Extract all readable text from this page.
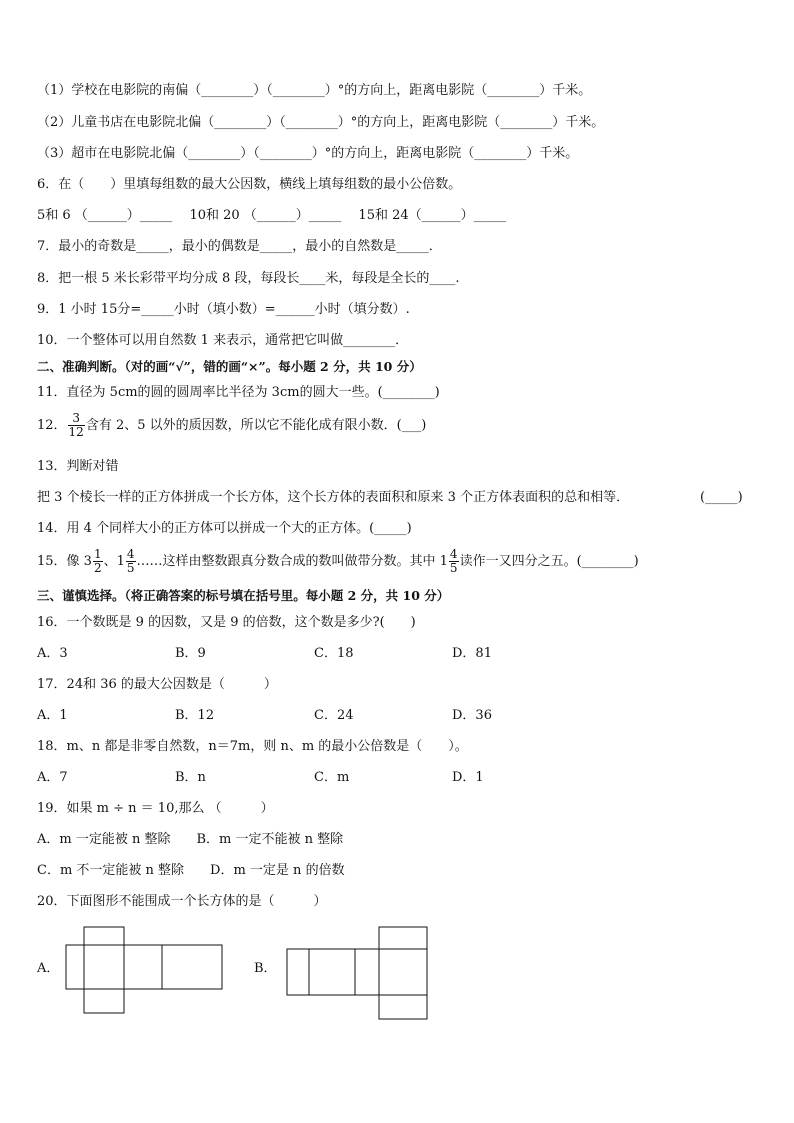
（1）学校在电影院的南偏（________）（________）°的方向上，距离电影院（________）千米。
（2）儿童书店在电影院北偏（________）（________）°的方向上，距离电影院（________）千米。
（3）超市在电影院北偏（________）（________）°的方向上，距离电影院（________）千米。
6．在（　　）里填每组数的最大公因数，横线上填每组数的最小公倍数。
5和 6 （______）_____　 10和 20 （______）_____　 15和 24（______）_____
7．最小的奇数是_____，最小的偶数是_____，最小的自然数是_____．
8．把一根 5 米长彩带平均分成 8 段，每段长____米，每段是全长的____.
9．1 小时 15分=_____小时（填小数）=______小时（填分数）.
10．一个整体可以用自然数 1 来表示，通常把它叫做________．
二、准确判断。（对的画“√”，错的画“×”。每小题 2 分，共 10 分）
11．直径为 5cm的圆的圆周率比半径为 3cm的圆大一些。(________)
12． $\frac{3}{12}$ 含有 2、5 以外的质因数，所以它不能化成有限小数．(___)
13．判断对错
把 3 个棱长一样的正方体拼成一个长方体，这个长方体的表面积和原来 3 个正方体表面积的总和相等．	(_____)
14．用 4 个同样大小的正方体可以拼成一个大的正方体。(_____)
15．像 $3 \frac{1}{2}$ 、$1 \frac{4}{5}$ ……这样由整数跟真分数合成的数叫做带分数。其中 $1 \frac{4}{5}$ 读作一又四分之五。(________)
三、谨慎选择。（将正确答案的标号填在括号里。每小题 2 分，共 10 分）
16．一个数既是 9 的因数，又是 9 的倍数，这个数是多少?(　　)
A．3	B．9	C．18	D．81
17．24和 36 的最大公因数是（　　　）
A．1	B．12	C．24	D．36
18．m、n 都是非零自然数，n＝7m，则 n、m 的最小公倍数是（　　）。
A．7	B．n	C．m	D．1
19．如果 m ÷ n ＝ 10,那么 （　　　）
A．m 一定能被 n 整除　　B．m 一定不能被 n 整除
C．m 不一定能被 n 整除　　D．m 一定是 n 的倍数
20．下面图形不能围成一个长方体的是（　　　）
A．	B．
